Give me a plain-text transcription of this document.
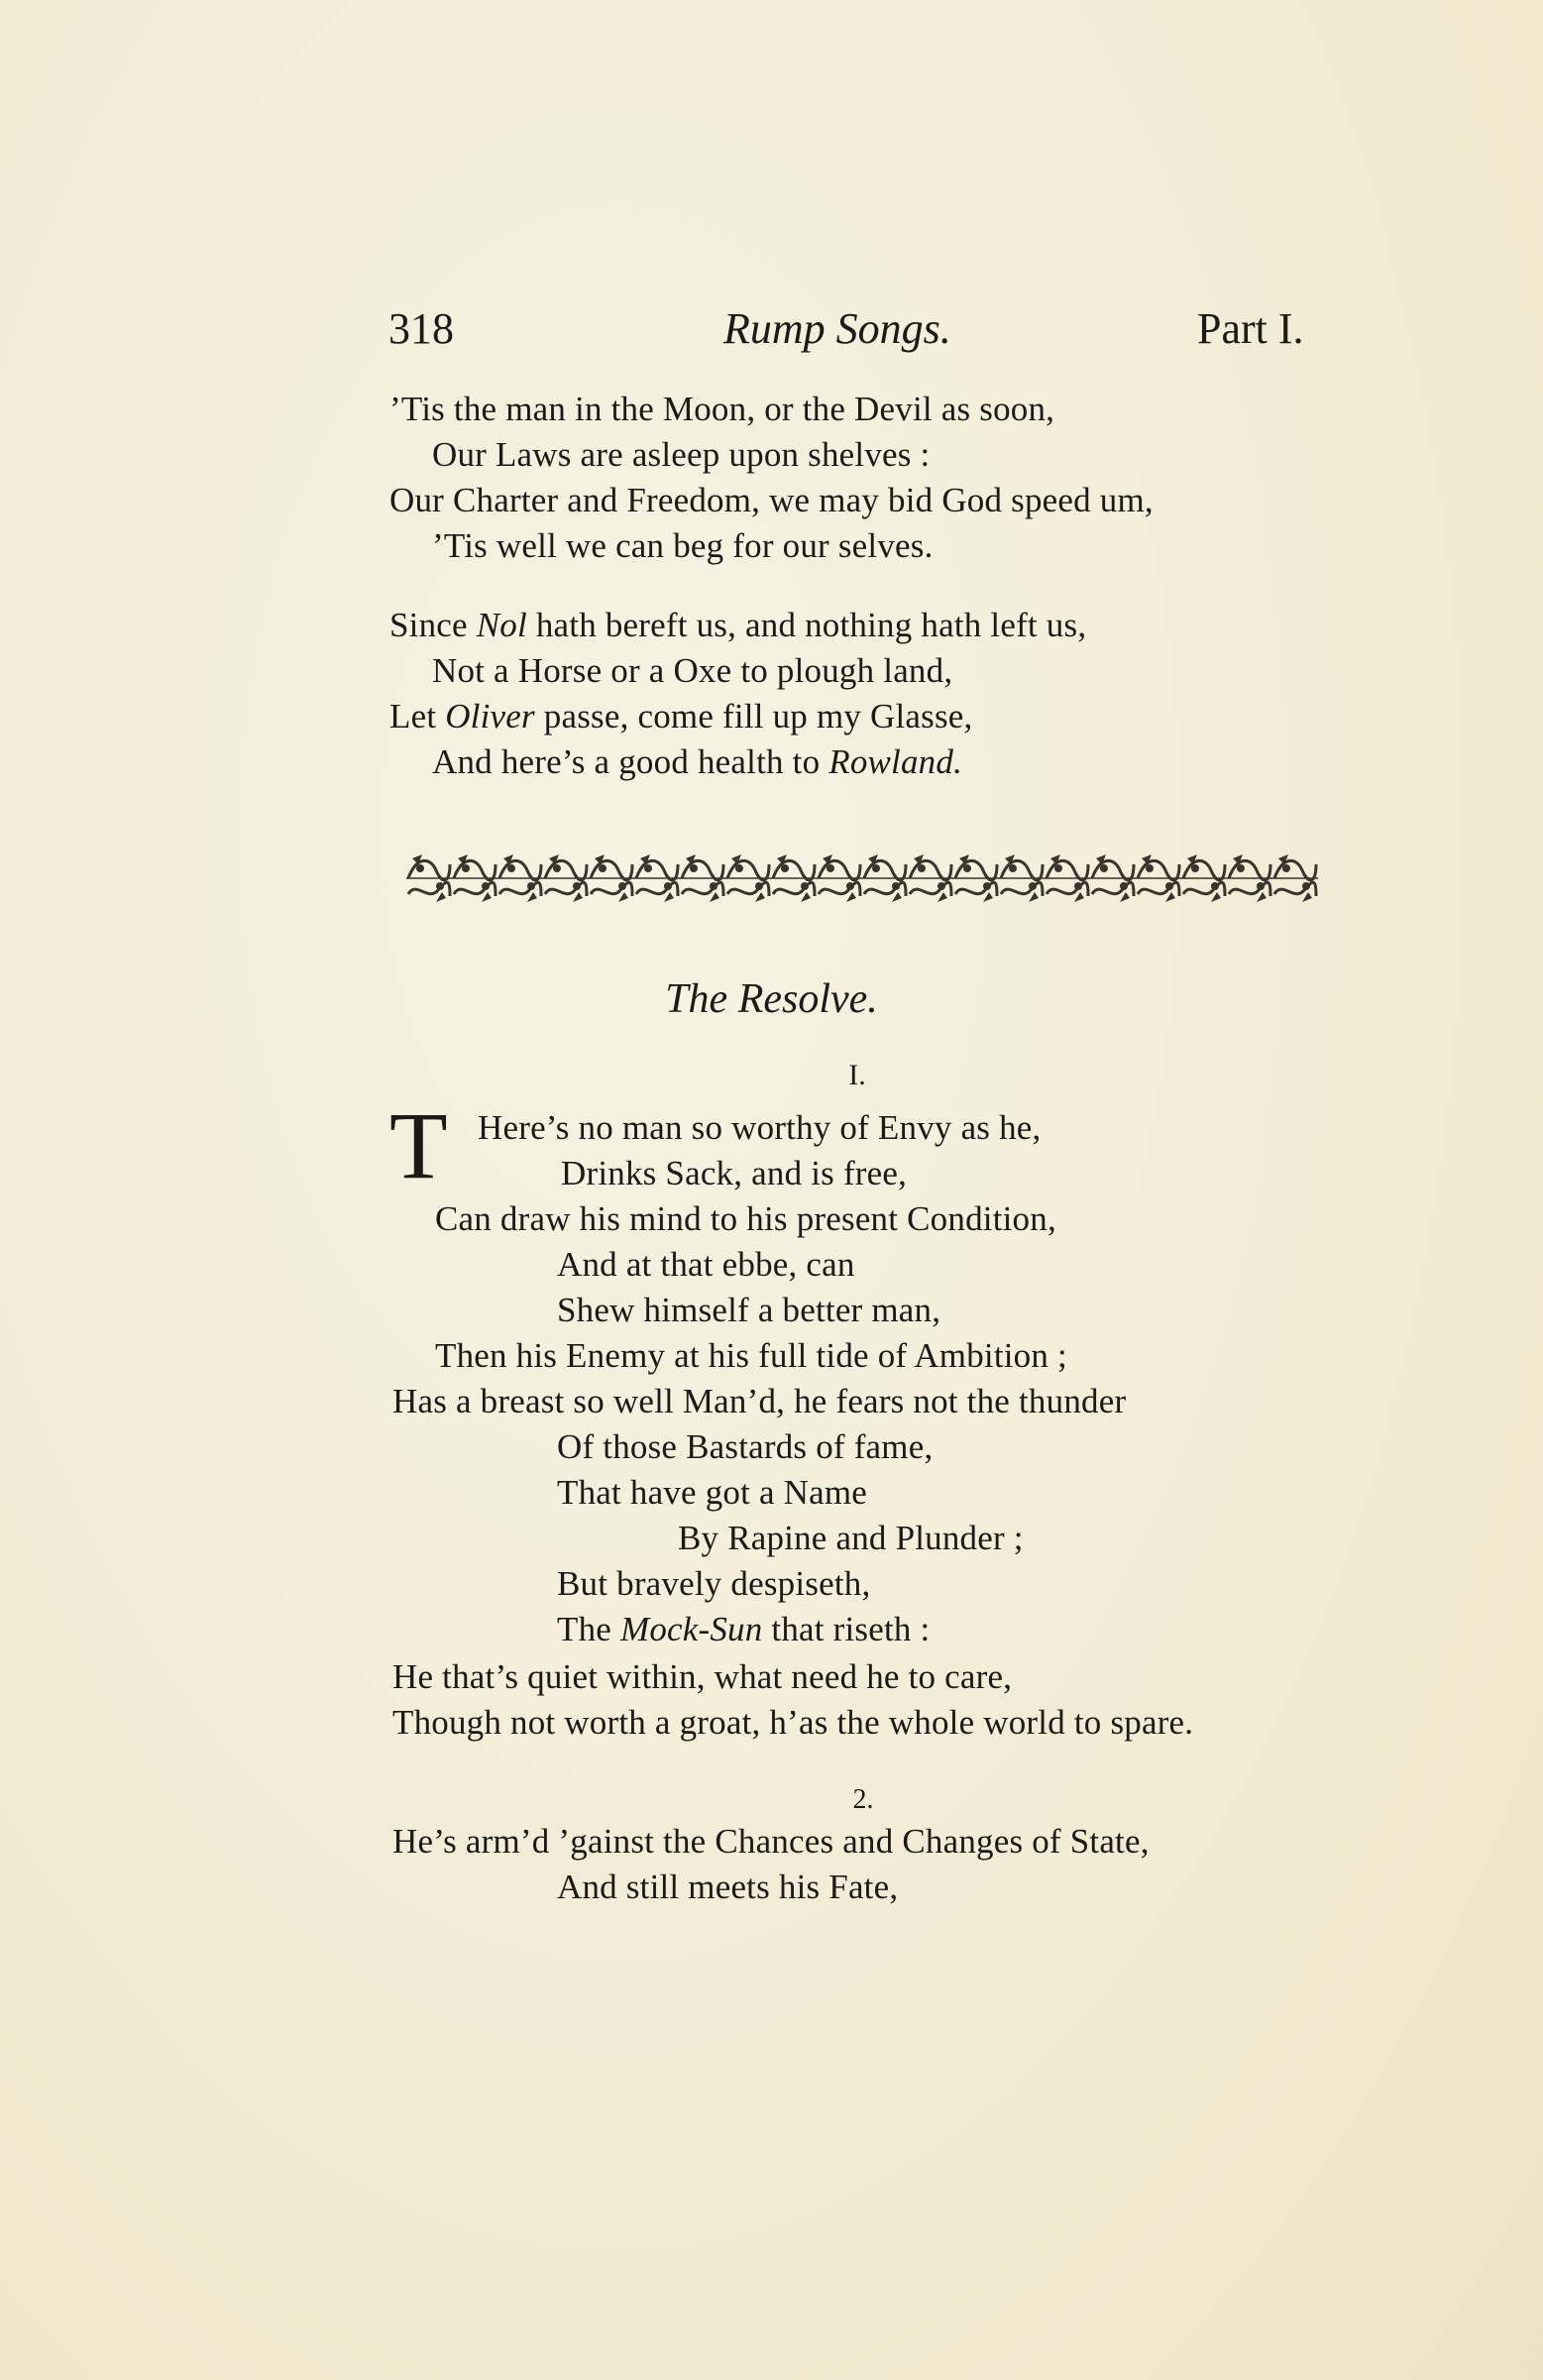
318	Rump Songs.	Part I.
’Tis the man in the Moon, or the Devil as soon,
Our Laws are asleep upon shelves :
Our Charter and Freedom, we may bid God speed um,
’Tis well we can beg for our selves.
Since Nol hath bereft us, and nothing hath left us,
Not a Horse or a Oxe to plough land,
Let Oliver passe, come fill up my Glasse,
And here’s a good health to Rowland.
The Resolve.
I.
T Here’s no man so worthy of Envy as he,
Drinks Sack, and is free,
Can draw his mind to his present Condition,
And at that ebbe, can
Shew himself a better man,
Then his Enemy at his full tide of Ambition ;
Has a breast so well Man’d, he fears not the thunder
Of those Bastards of fame,
That have got a Name
By Rapine and Plunder ;
But bravely despiseth,
The Mock-Sun that riseth :
He that’s quiet within, what need he to care,
Though not worth a groat, h’as the whole world to spare.
2.
He’s arm’d ’gainst the Chances and Changes of State,
And still meets his Fate,
